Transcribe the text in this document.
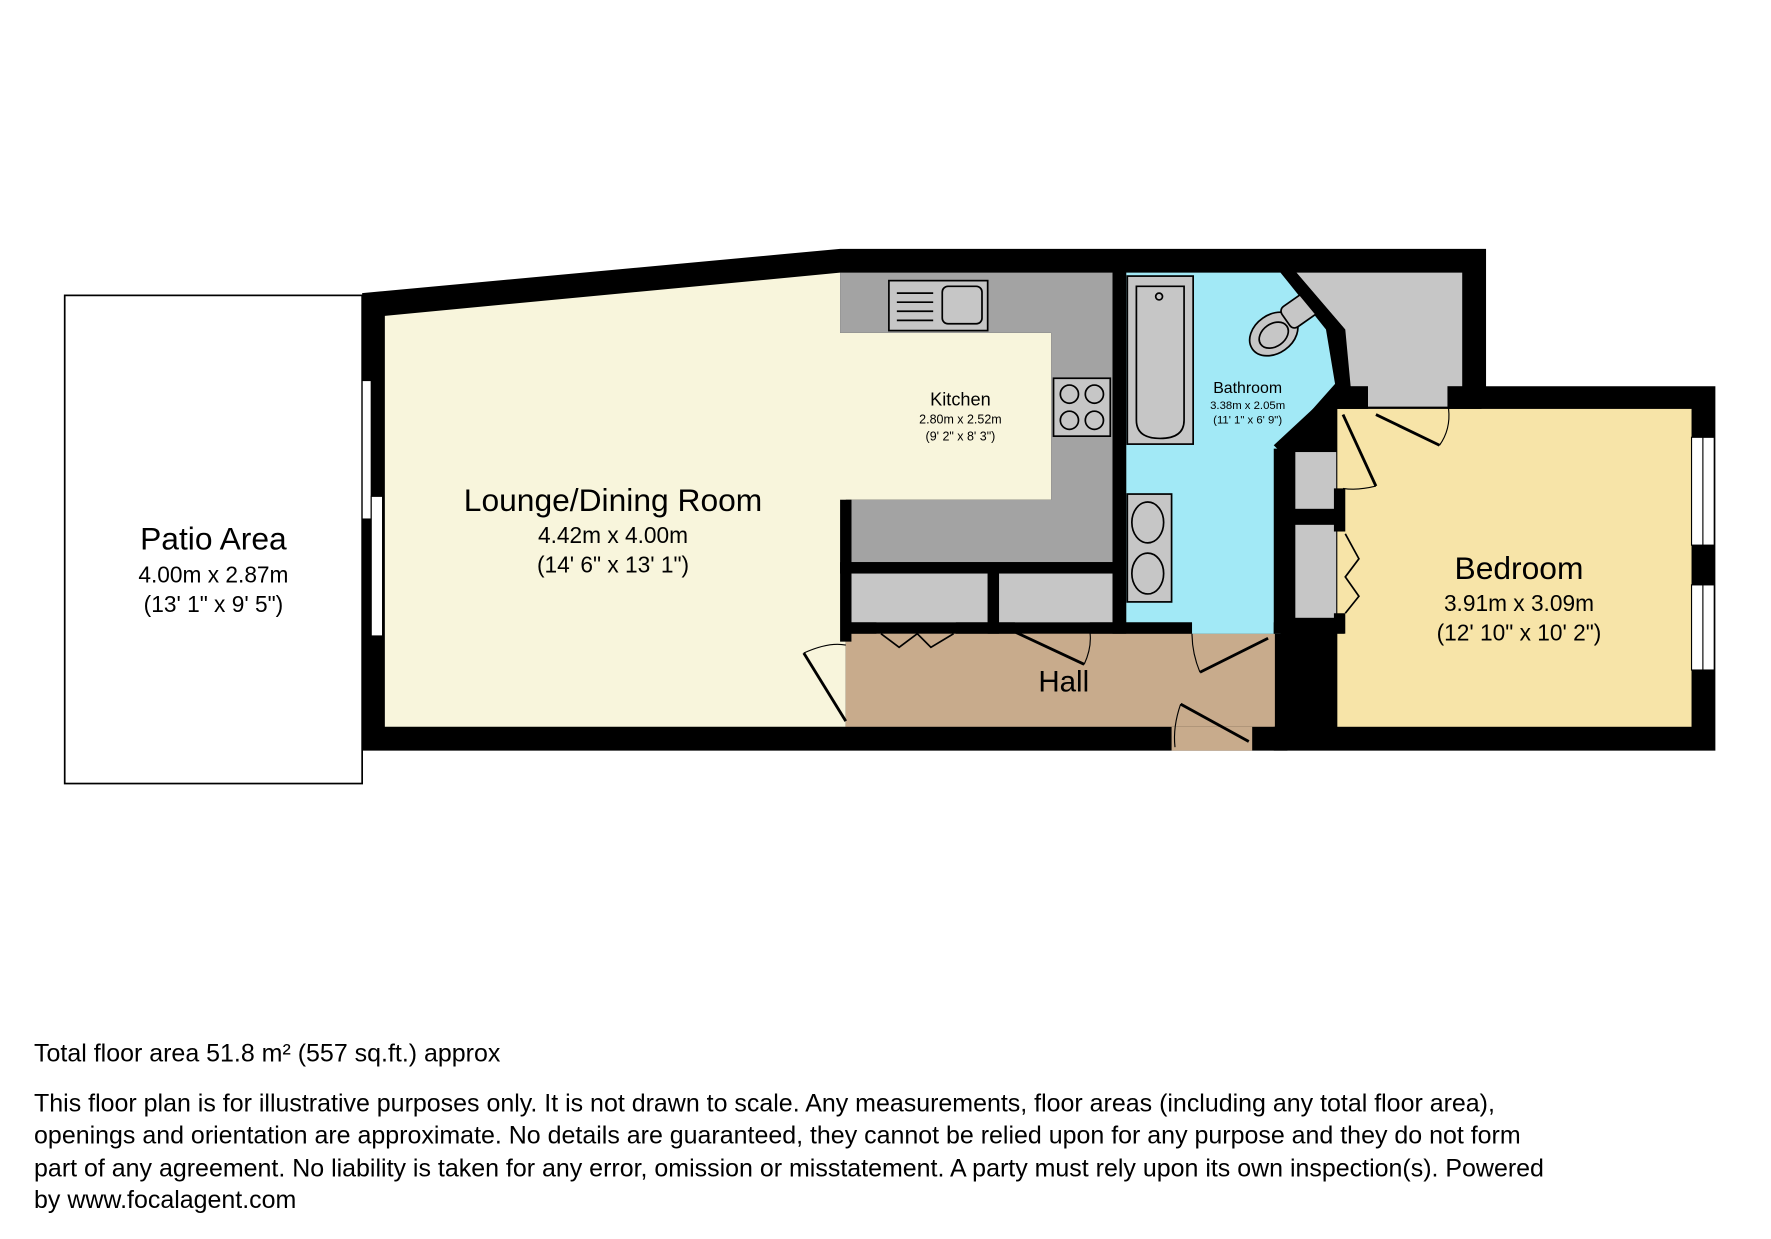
Patio Area
4.00m x 2.87m
(13' 1" x 9' 5")
Lounge/Dining Room
4.42m x 4.00m
(14' 6" x 13' 1")
Kitchen
2.80m x 2.52m
(9' 2" x 8' 3")
Bathroom
3.38m x 2.05m
(11' 1" x 6' 9")
Bedroom
3.91m x 3.09m
(12' 10" x 10' 2")
Hall
Total floor area 51.8 m² (557 sq.ft.) approx
This floor plan is for illustrative purposes only. It is not drawn to scale. Any measurements, floor areas (including any total floor area),
openings and orientation are approximate. No details are guaranteed, they cannot be relied upon for any purpose and they do not form
part of any agreement. No liability is taken for any error, omission or misstatement. A party must rely upon its own inspection(s). Powered
by www.focalagent.com
